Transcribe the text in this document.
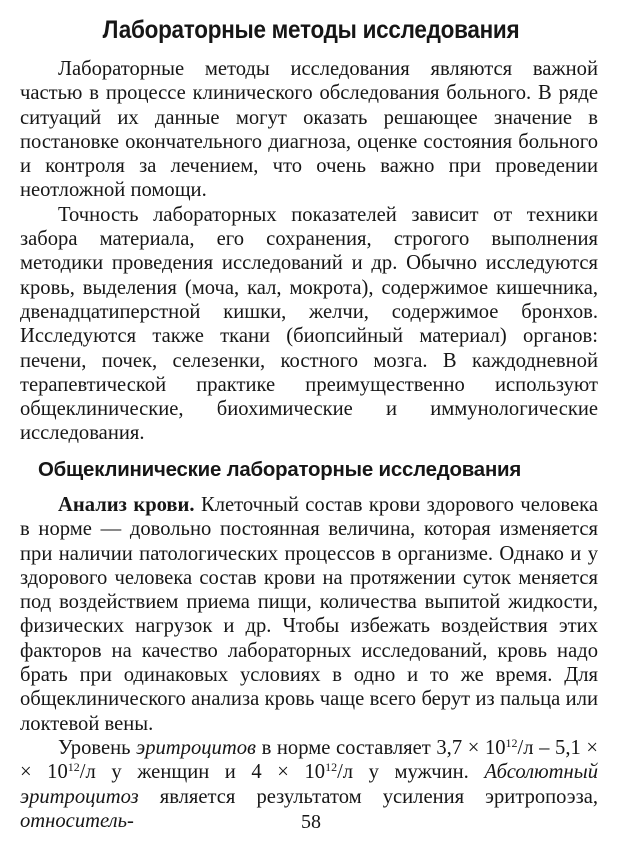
Лабораторные методы исследования

Лабораторные методы исследования являются важной частью в процессе клинического обследования больного. В ряде ситуаций их данные могут оказать решающее значение в постановке окончательного диагноза, оценке состояния больного и контроля за лечением, что очень важно при проведении неотложной помощи.

Точность лабораторных показателей зависит от техники забора материала, его сохранения, строгого выполнения методики проведения исследований и др. Обычно исследуются кровь, выделения (моча, кал, мокрота), содержимое кишечника, двенадцатиперстной кишки, желчи, содержимое бронхов. Исследуются также ткани (биопсийный материал) органов: печени, почек, селезенки, костного мозга. В каждодневной терапевтической практике преимущественно используют общеклинические, биохимические и иммунологические исследования.

Общеклинические лабораторные исследования

Анализ крови. Клеточный состав крови здорового человека в норме — довольно постоянная величина, которая изменяется при наличии патологических процессов в организме. Однако и у здорового человека состав крови на протяжении суток меняется под воздействием приема пищи, количества выпитой жидкости, физических нагрузок и др. Чтобы избежать воздействия этих факторов на качество лабораторных исследований, кровь надо брать при одинаковых условиях в одно и то же время. Для общеклинического анализа кровь чаще всего берут из пальца или локтевой вены.

Уровень эритроцитов в норме составляет $3,7 \times 10^{12}/л - 5,1$ × × $10^{12}/л$ у женщин и $4 \times 10^{12}/л$ у мужчин. Абсолютный эритроцитоз является результатом усиления эритропоэза, относитель-	58
